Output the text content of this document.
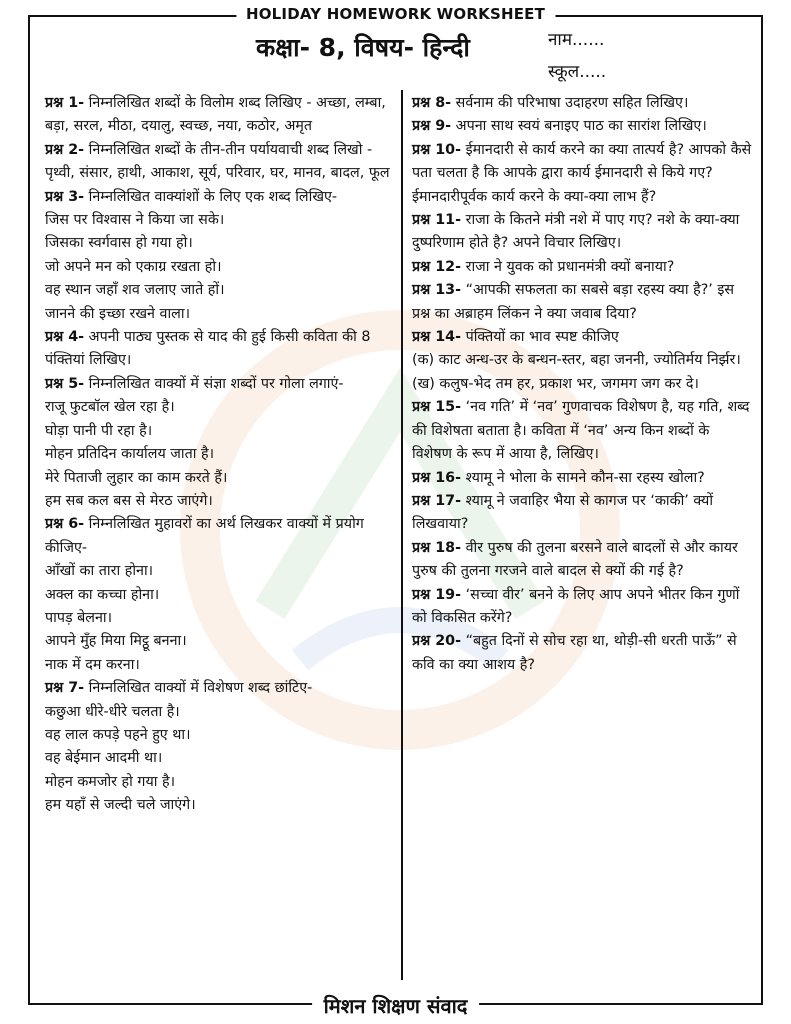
HOLIDAY HOMEWORK WORKSHEET
कक्षा- 8, विषय- हिन्दी	नाम......
स्कूल.....

प्रश्न 1- निम्नलिखित शब्दों के विलोम शब्द लिखिए - अच्छा, लम्बा, बड़ा, सरल, मीठा, दयालु, स्वच्छ, नया, कठोर, अमृत

प्रश्न 2- निम्नलिखित शब्दों के तीन-तीन पर्यायवाची शब्द लिखो -

पृथ्वी, संसार, हाथी, आकाश, सूर्य, परिवार, घर, मानव, बादल, फूल

प्रश्न 3- निम्नलिखित वाक्यांशों के लिए एक शब्द लिखिए-

जिस पर विश्वास ने किया जा सके।

जिसका स्वर्गवास हो गया हो।

जो अपने मन को एकाग्र रखता हो।

वह स्थान जहाँ शव जलाए जाते हों।

जानने की इच्छा रखने वाला।

प्रश्न 4- अपनी पाठ्य पुस्तक से याद की हुई किसी कविता की 8 पंक्तियां लिखिए।

प्रश्न 5- निम्नलिखित वाक्यों में संज्ञा शब्दों पर गोला लगाएं-

राजू फुटबॉल खेल रहा है।

घोड़ा पानी पी रहा है।

मोहन प्रतिदिन कार्यालय जाता है।

मेरे पिताजी लुहार का काम करते हैं।

हम सब कल बस से मेरठ जाएंगे।

प्रश्न 6- निम्नलिखित मुहावरों का अर्थ लिखकर वाक्यों में प्रयोग कीजिए-

आँखों का तारा होना।

अक्ल का कच्चा होना।

पापड़ बेलना।

आपने मुँह मिया मिट्ठू बनना।

नाक में दम करना।

प्रश्न 7- निम्नलिखित वाक्यों में विशेषण शब्द छांटिए-

कछुआ धीरे-धीरे चलता है।

वह लाल कपड़े पहने हुए था।

वह बेईमान आदमी था।

मोहन कमजोर हो गया है।

हम यहाँ से जल्दी चले जाएंगे।

प्रश्न 8- सर्वनाम की परिभाषा उदाहरण सहित लिखिए।

प्रश्न 9- अपना साथ स्वयं बनाइए पाठ का सारांश लिखिए।

प्रश्न 10- ईमानदारी से कार्य करने का क्या तात्पर्य है? आपको कैसे पता चलता है कि आपके द्वारा कार्य ईमानदारी से किये गए? ईमानदारीपूर्वक कार्य करने के क्या-क्या लाभ हैं?

प्रश्न 11- राजा के कितने मंत्री नशे में पाए गए? नशे के क्या-क्या दुष्परिणाम होते है? अपने विचार लिखिए।

प्रश्न 12- राजा ने युवक को प्रधानमंत्री क्यों बनाया?

प्रश्न 13- “आपकी सफलता का सबसे बड़ा रहस्य क्या है?’ इस प्रश्न का अब्राहम लिंकन ने क्या जवाब दिया?

प्रश्न 14- पंक्तियों का भाव स्पष्ट कीजिए

(क) काट अन्ध-उर के बन्धन-स्तर, बहा जननी, ज्योतिर्मय निर्झर।

(ख) कलुष-भेद तम हर, प्रकाश भर, जगमग जग कर दे।

प्रश्न 15- ‘नव गति’ में ‘नव’ गुणवाचक विशेषण है, यह गति, शब्द की विशेषता बताता है। कविता में ‘नव’ अन्य किन शब्दों के विशेषण के रूप में आया है, लिखिए।

प्रश्न 16- श्यामू ने भोला के सामने कौन-सा रहस्य खोला?

प्रश्न 17- श्यामू ने जवाहिर भैया से कागज पर ‘काकी’ क्यों लिखवाया?

प्रश्न 18- वीर पुरुष की तुलना बरसने वाले बादलों से और कायर पुरुष की तुलना गरजने वाले बादल से क्यों की गई है?

प्रश्न 19- ‘सच्चा वीर’ बनने के लिए आप अपने भीतर किन गुणों को विकसित करेंगे?

प्रश्न 20- “बहुत दिनों से सोच रहा था, थोड़ी-सी धरती पाऊँ” से कवि का क्या आशय है?

मिशन शिक्षण संवाद
